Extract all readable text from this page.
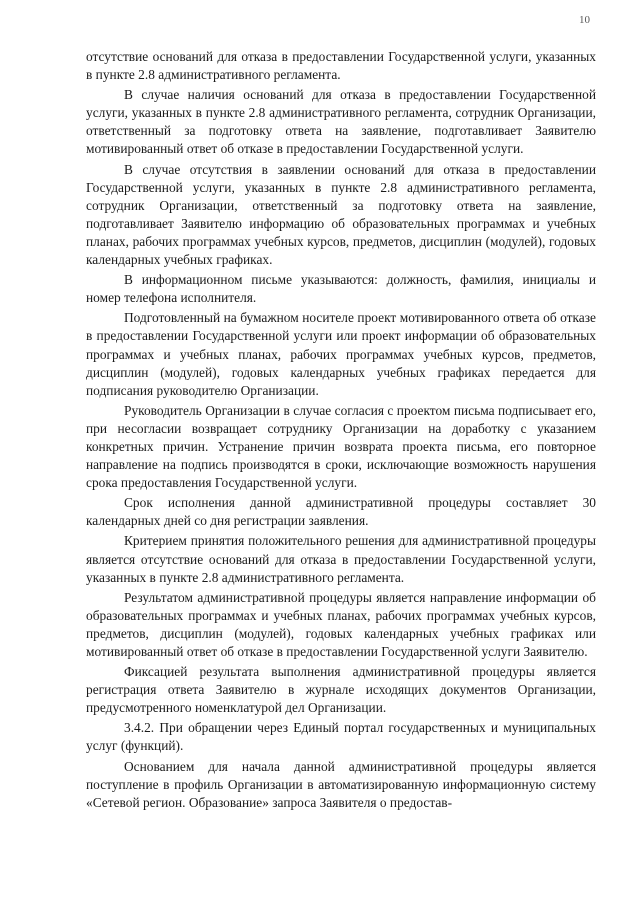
10

отсутствие оснований для отказа в предоставлении Государственной услуги, указанных в пункте 2.8 административного регламента.

В случае наличия оснований для отказа в предоставлении Государственной услуги, указанных в пункте 2.8 административного регламента, сотрудник Организации, ответственный за подготовку ответа на заявление, подготавливает Заявителю мотивированный ответ об отказе в предоставлении Государственной услуги.

В случае отсутствия в заявлении оснований для отказа в предоставлении Государственной услуги, указанных в пункте 2.8 административного регламента, сотрудник Организации, ответственный за подготовку ответа на заявление, подготавливает Заявителю информацию об образовательных программах и учебных планах, рабочих программах учебных курсов, предметов, дисциплин (модулей), годовых календарных учебных графиках.

В информационном письме указываются: должность, фамилия, инициалы и номер телефона исполнителя.

Подготовленный на бумажном носителе проект мотивированного ответа об отказе в предоставлении Государственной услуги или проект информации об образовательных программах и учебных планах, рабочих программах учебных курсов, предметов, дисциплин (модулей), годовых календарных учебных графиках передается для подписания руководителю Организации.

Руководитель Организации в случае согласия с проектом письма подписывает его, при несогласии возвращает сотруднику Организации на доработку с указанием конкретных причин. Устранение причин возврата проекта письма, его повторное направление на подпись производятся в сроки, исключающие возможность нарушения срока предоставления Государственной услуги.

Срок исполнения данной административной процедуры составляет 30 календарных дней со дня регистрации заявления.

Критерием принятия положительного решения для административной процедуры является отсутствие оснований для отказа в предоставлении Государственной услуги, указанных в пункте 2.8 административного регламента.

Результатом административной процедуры является направление информации об образовательных программах и учебных планах, рабочих программах учебных курсов, предметов, дисциплин (модулей), годовых календарных учебных графиках или мотивированный ответ об отказе в предоставлении Государственной услуги Заявителю.

Фиксацией результата выполнения административной процедуры является регистрация ответа Заявителю в журнале исходящих документов Организации, предусмотренного номенклатурой дел Организации.

3.4.2. При обращении через Единый портал государственных и муниципальных услуг (функций).

Основанием для начала данной административной процедуры является поступление в профиль Организации в автоматизированную информационную систему «Сетевой регион. Образование» запроса Заявителя о предостав-
